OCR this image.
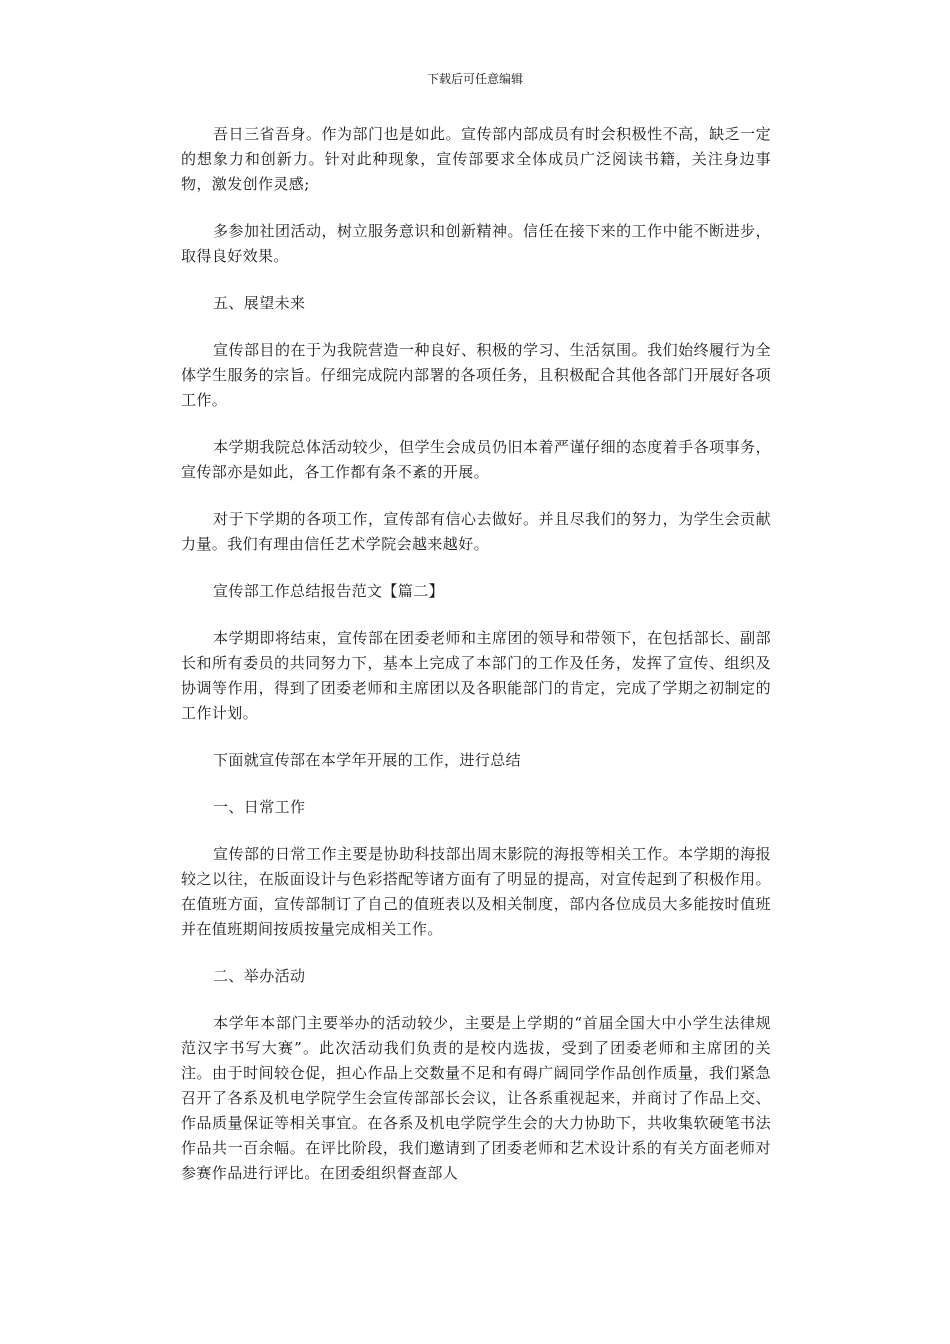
下载后可任意编辑

吾日三省吾身。作为部门也是如此。宣传部内部成员有时会积极性不高，缺乏一定的想象力和创新力。针对此种现象，宣传部要求全体成员广泛阅读书籍，关注身边事物，激发创作灵感;

多参加社团活动，树立服务意识和创新精神。信任在接下来的工作中能不断进步，取得良好效果。

五、展望未来

宣传部目的在于为我院营造一种良好、积极的学习、生活氛围。我们始终履行为全体学生服务的宗旨。仔细完成院内部署的各项任务，且积极配合其他各部门开展好各项工作。

本学期我院总体活动较少，但学生会成员仍旧本着严谨仔细的态度着手各项事务，宣传部亦是如此，各工作都有条不紊的开展。

对于下学期的各项工作，宣传部有信心去做好。并且尽我们的努力，为学生会贡献力量。我们有理由信任艺术学院会越来越好。

宣传部工作总结报告范文【篇二】

本学期即将结束，宣传部在团委老师和主席团的领导和带领下，在包括部长、副部长和所有委员的共同努力下，基本上完成了本部门的工作及任务，发挥了宣传、组织及协调等作用，得到了团委老师和主席团以及各职能部门的肯定，完成了学期之初制定的工作计划。

下面就宣传部在本学年开展的工作，进行总结

一、日常工作

宣传部的日常工作主要是协助科技部出周末影院的海报等相关工作。本学期的海报较之以往，在版面设计与色彩搭配等诸方面有了明显的提高，对宣传起到了积极作用。在值班方面，宣传部制订了自己的值班表以及相关制度，部内各位成员大多能按时值班并在值班期间按质按量完成相关工作。

二、举办活动

本学年本部门主要举办的活动较少，主要是上学期的“首届全国大中小学生法律规范汉字书写大赛”。此次活动我们负责的是校内选拔，受到了团委老师和主席团的关注。由于时间较仓促，担心作品上交数量不足和有碍广阔同学作品创作质量，我们紧急召开了各系及机电学院学生会宣传部部长会议，让各系重视起来，并商讨了作品上交、作品质量保证等相关事宜。在各系及机电学院学生会的大力协助下，共收集软硬笔书法作品共一百余幅。在评比阶段，我们邀请到了团委老师和艺术设计系的有关方面老师对参赛作品进行评比。在团委组织督查部人
